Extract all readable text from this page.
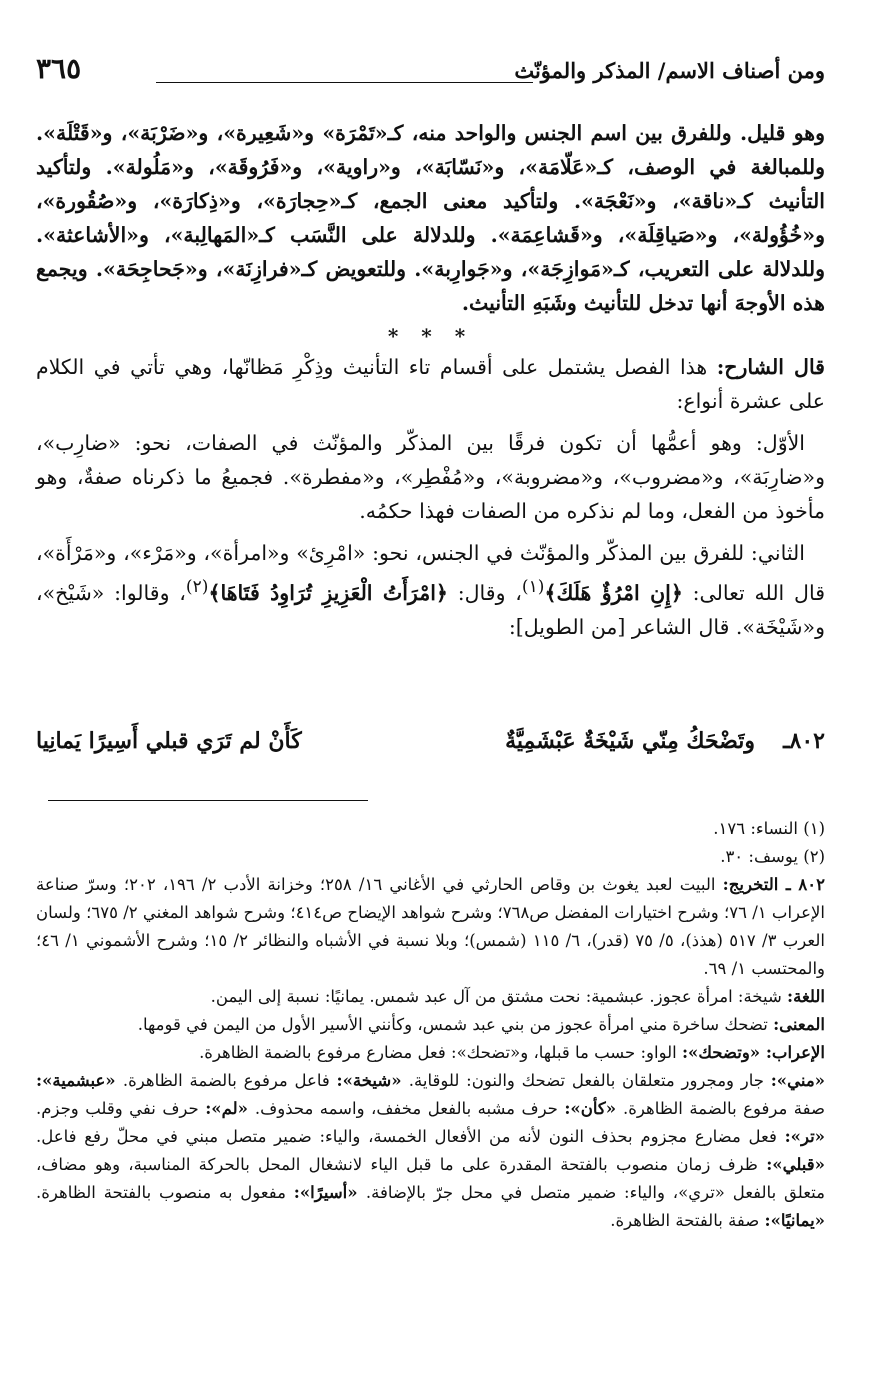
ومن أصناف الاسم/ المذكر والمؤنّث
٣٦٥

وهو قليل. وللفرق بين اسم الجنس والواحد منه، كـ«تَمْرَة» و«شَعِيرة»، و«ضَرْبَة»، و«قَتْلَة». وللمبالغة في الوصف، كـ«عَلّامَة»، و«نَسّابَة»، و«راوية»، و«فَرُوقَة»، و«مَلُولة». ولتأكيد التأنيث كـ«ناقة»، و«نَعْجَة». ولتأكيد معنى الجمع، كـ«حِجارَة»، و«ذِكارَة»، و«صُقُورة»، و«خُؤُولة»، و«صَياقِلَة»، و«قَشاعِمَة». وللدلالة على النَّسَب كـ«المَهالِبة»، و«الأشاعثة». وللدلالة على التعريب، كـ«مَوازِجَة»، و«جَوارِبة». وللتعويض كـ«فرازِنَة»، و«جَحاجِحَة». ويجمع هذه الأوجهَ أنها تدخل للتأنيث وشَبَهِ التأنيث.

* * *

قال الشارح: هذا الفصل يشتمل على أقسام تاء التأنيث وذِكْرِ مَظانّها، وهي تأتي في الكلام على عشرة أنواع:

الأوّل: وهو أعمُّها أن تكون فرقًا بين المذكّر والمؤنّث في الصفات، نحو: «ضارِب»، و«ضارِبَة»، و«مضروب»، و«مضروبة»، و«مُفْطِر»، و«مفطرة». فجميعُ ما ذكرناه صفةٌ، وهو مأخوذ من الفعل، وما لم نذكره من الصفات فهذا حكمُه.

الثاني: للفرق بين المذكّر والمؤنّث في الجنس، نحو: «امْرِئ» و«امرأة»، و«مَرْء»، و«مَرْأَة»، قال الله تعالى: ﴿إِنِ امْرُؤٌ هَلَكَ﴾$^{(١)}$، وقال: ﴿امْرَأَتُ الْعَزِيزِ تُرَاوِدُ فَتَاهَا﴾$^{(٢)}$، وقالوا: «شَيْخ»، و«شَيْخَة». قال الشاعر [من الطويل]:

٨٠٢ـ
وتَضْحَكُ مِنّي شَيْخَةٌ عَبْشَمِيَّةٌ
كَأَنْ لم تَرَي قبلي أَسِيرًا يَمانِيا

(١) النساء: ١٧٦.

(٢) يوسف: ٣٠.

٨٠٢ ـ التخريج: البيت لعبد يغوث بن وقاص الحارثي في الأغاني ١٦/ ٢٥٨؛ وخزانة الأدب ٢/ ١٩٦، ٢٠٢؛ وسرّ صناعة الإعراب ١/ ٧٦؛ وشرح اختيارات المفضل ص٧٦٨؛ وشرح شواهد الإيضاح ص٤١٤؛ وشرح شواهد المغني ٢/ ٦٧٥؛ ولسان العرب ٣/ ٥١٧ (هذذ)، ٥/ ٧٥ (قدر)، ٦/ ١١٥ (شمس)؛ وبلا نسبة في الأشباه والنظائر ٢/ ١٥؛ وشرح الأشموني ١/ ٤٦؛ والمحتسب ١/ ٦٩.

اللغة: شيخة: امرأة عجوز. عبشمية: نحت مشتق من آل عبد شمس. يمانيًا: نسبة إلى اليمن.

المعنى: تضحك ساخرة مني امرأة عجوز من بني عبد شمس، وكأنني الأسير الأول من اليمن في قومها.

الإعراب: «وتضحك»: الواو: حسب ما قبلها، و«تضحك»: فعل مضارع مرفوع بالضمة الظاهرة.
«مني»: جار ومجرور متعلقان بالفعل تضحك والنون: للوقاية. «شيخة»: فاعل مرفوع بالضمة الظاهرة. «عبشمية»: صفة مرفوع بالضمة الظاهرة. «كأن»: حرف مشبه بالفعل مخفف، واسمه محذوف. «لم»: حرف نفي وقلب وجزم. «تر»: فعل مضارع مجزوم بحذف النون لأنه من الأفعال الخمسة، والياء: ضمير متصل مبني في محلّ رفع فاعل. «قبلي»: ظرف زمان منصوب بالفتحة المقدرة على ما قبل الياء لانشغال المحل بالحركة المناسبة، وهو مضاف، متعلق بالفعل «تري»، والياء: ضمير متصل في محل جرّ بالإضافة. «أسيرًا»: مفعول به منصوب بالفتحة الظاهرة. «يمانيًا»: صفة بالفتحة الظاهرة.
